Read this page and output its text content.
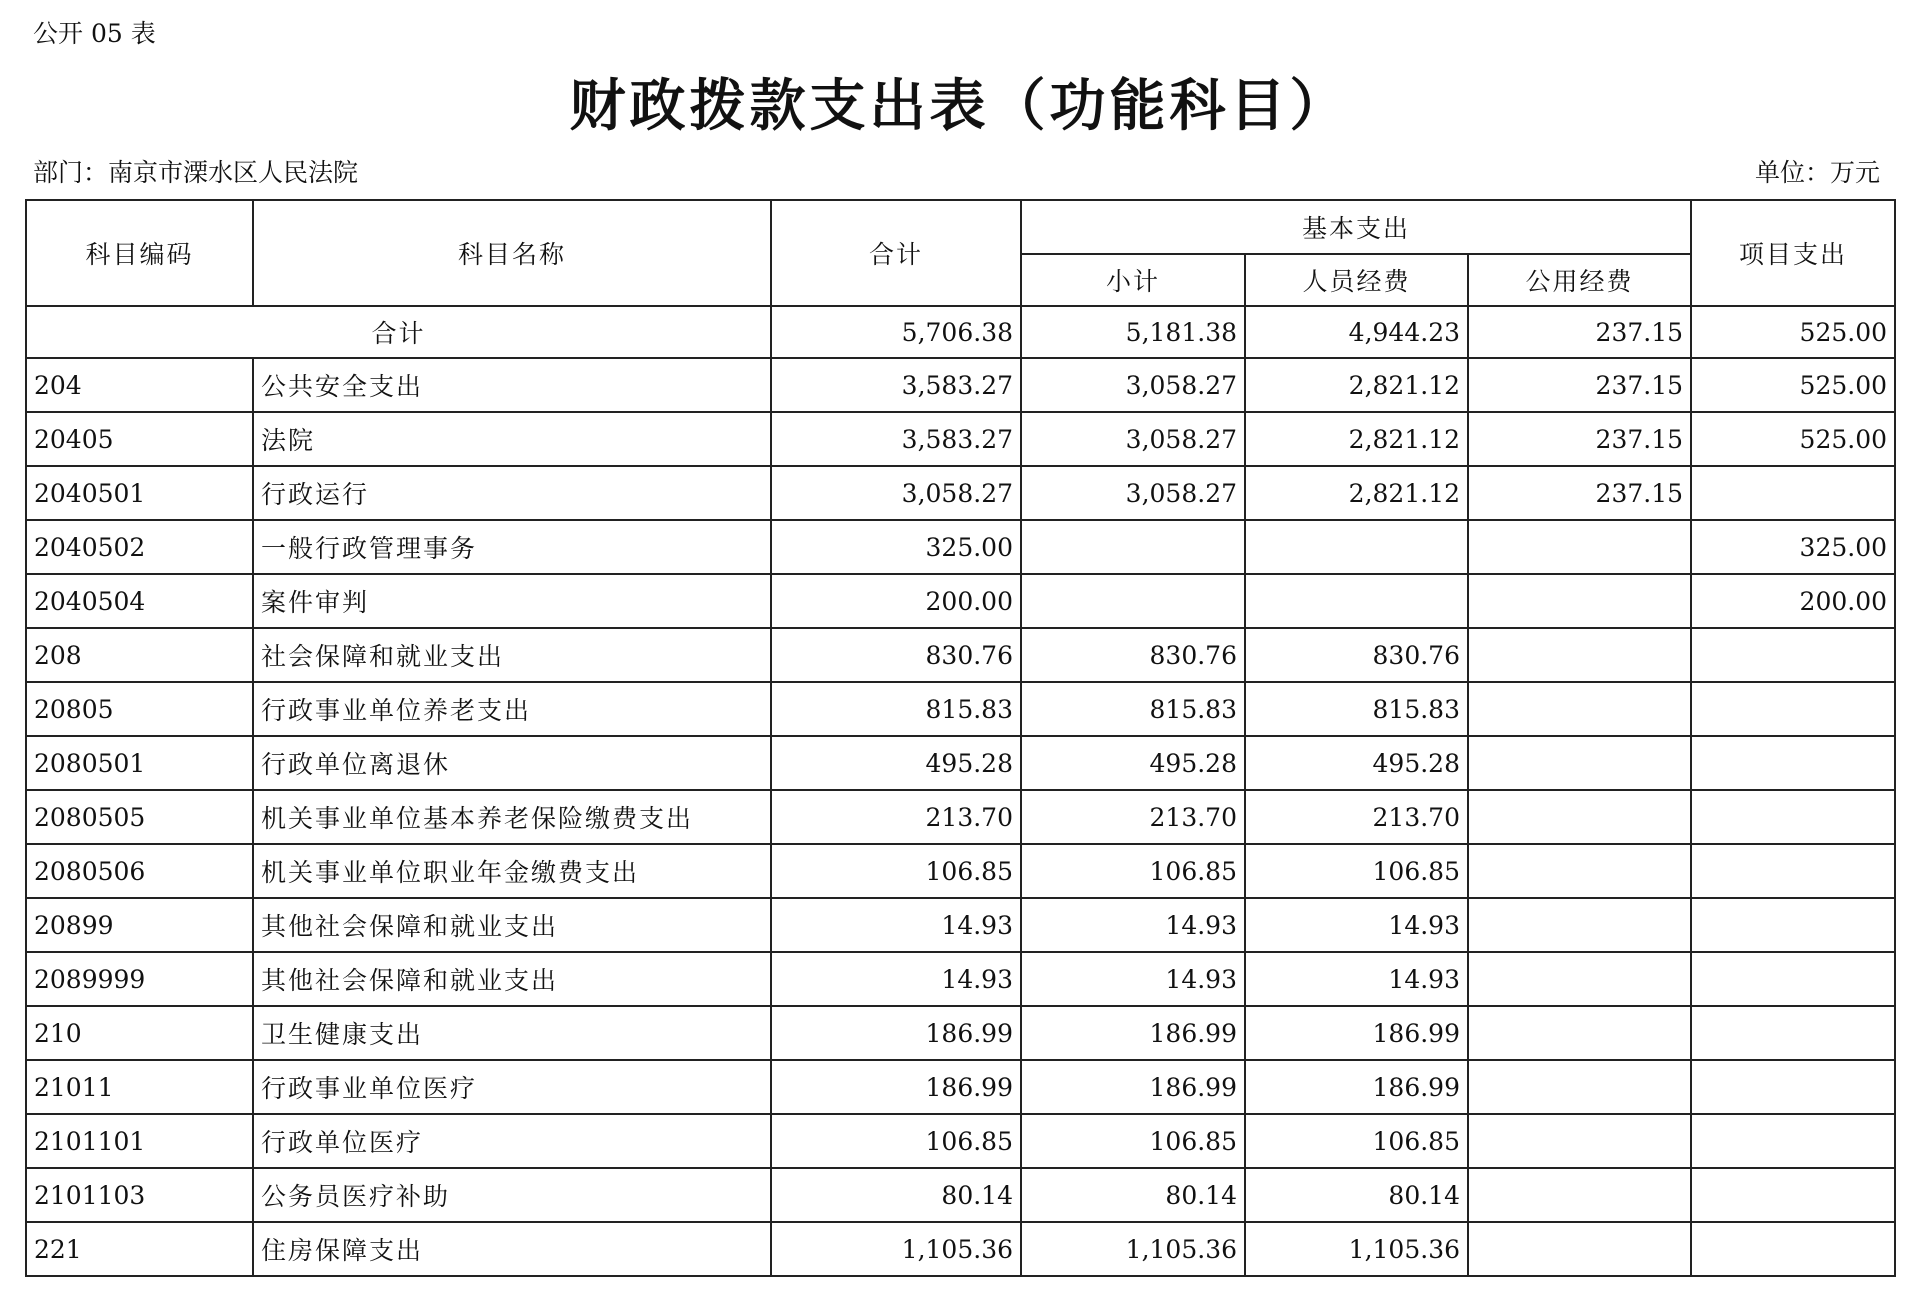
公开 05 表
财政拨款支出表（功能科目）
部门：南京市溧水区人民法院	单位：万元
科目编码	科目名称	合计	基本支出			项目支出
			小计	人员经费	公用经费	
合计		5,706.38	5,181.38	4,944.23	237.15	525.00
204	公共安全支出	3,583.27	3,058.27	2,821.12	237.15	525.00
20405	法院	3,583.27	3,058.27	2,821.12	237.15	525.00
2040501	行政运行	3,058.27	3,058.27	2,821.12	237.15	
2040502	一般行政管理事务	325.00				325.00
2040504	案件审判	200.00				200.00
208	社会保障和就业支出	830.76	830.76	830.76		
20805	行政事业单位养老支出	815.83	815.83	815.83		
2080501	行政单位离退休	495.28	495.28	495.28		
2080505	机关事业单位基本养老保险缴费支出	213.70	213.70	213.70		
2080506	机关事业单位职业年金缴费支出	106.85	106.85	106.85		
20899	其他社会保障和就业支出	14.93	14.93	14.93		
2089999	其他社会保障和就业支出	14.93	14.93	14.93		
210	卫生健康支出	186.99	186.99	186.99		
21011	行政事业单位医疗	186.99	186.99	186.99		
2101101	行政单位医疗	106.85	106.85	106.85		
2101103	公务员医疗补助	80.14	80.14	80.14		
221	住房保障支出	1,105.36	1,105.36	1,105.36		
